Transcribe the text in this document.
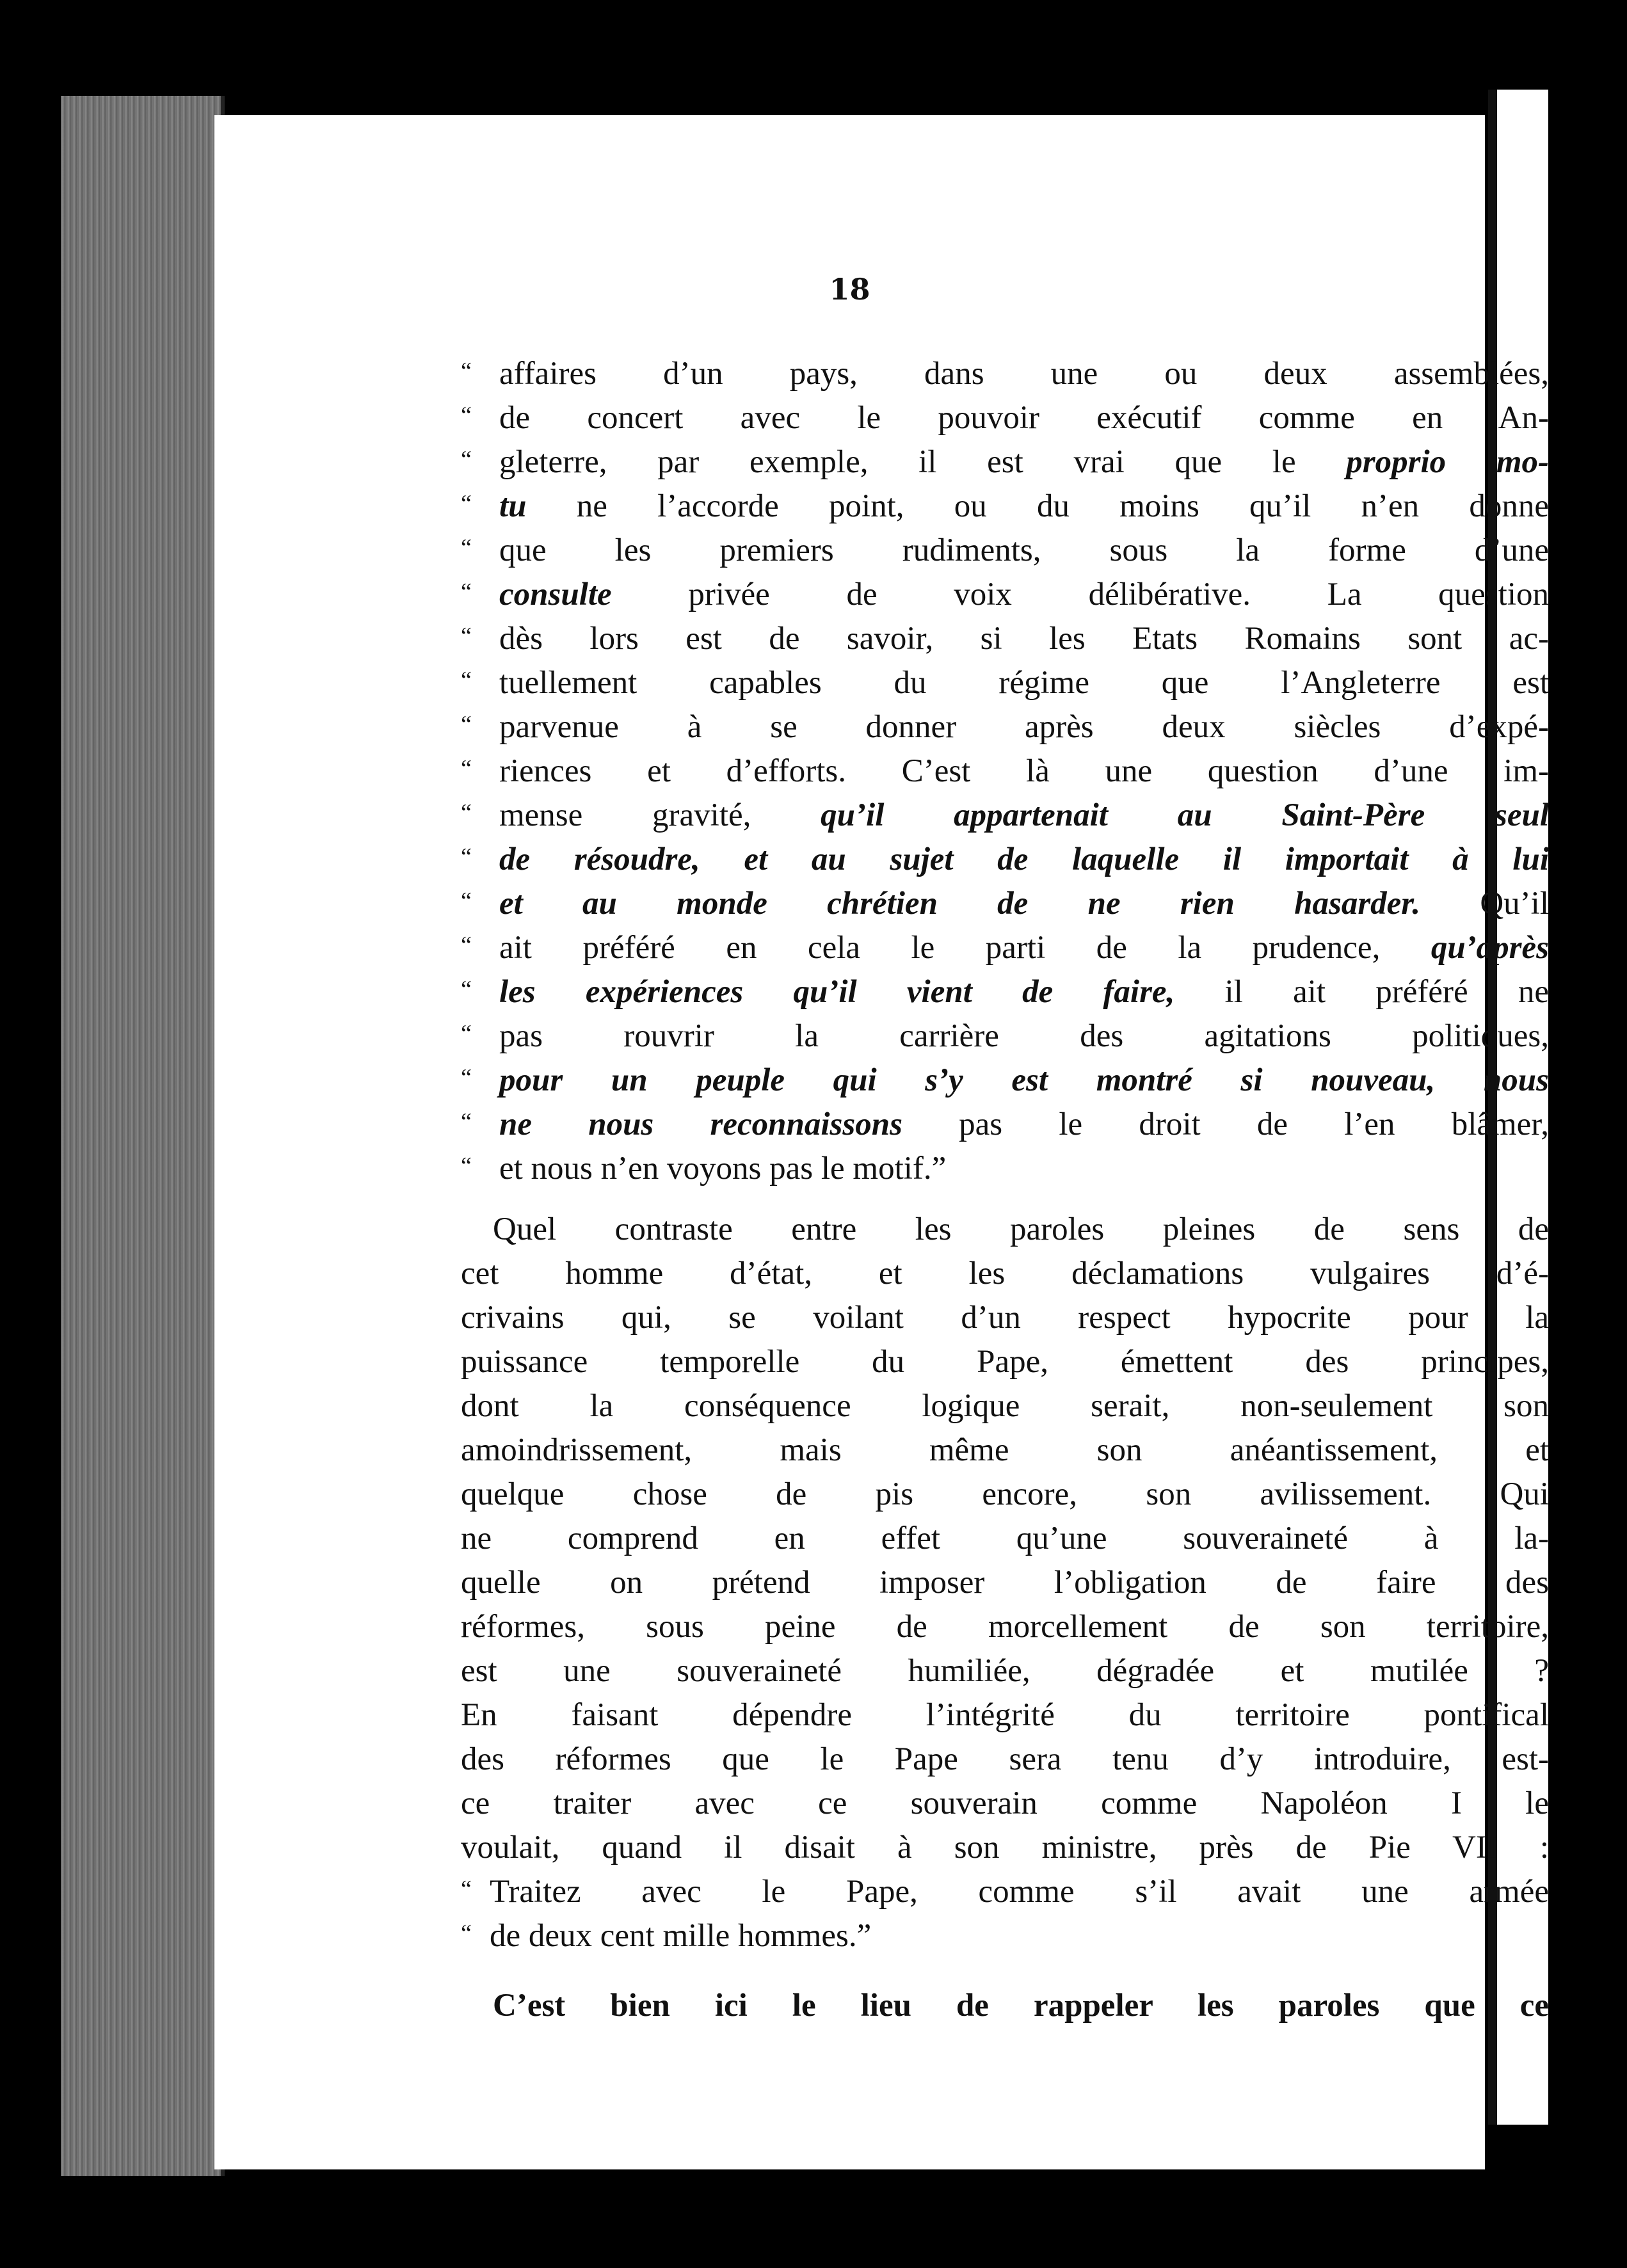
18
“ affaires d’un pays, dans une ou deux assemblées,
“ de concert avec le pouvoir exécutif comme en An-
“ gleterre, par exemple, il est vrai que le proprio mo-
“ tu ne l’accorde point, ou du moins qu’il n’en donne
“ que les premiers rudiments, sous la forme d’une
“ consulte privée de voix délibérative. La question
“ dès lors est de savoir, si les Etats Romains sont ac-
“ tuellement capables du régime que l’Angleterre est
“ parvenue à se donner après deux siècles d’expé-
“ riences et d’efforts. C’est là une question d’une im-
“ mense gravité, qu’il appartenait au Saint-Père seul
“ de résoudre, et au sujet de laquelle il importait à lui
“ et au monde chrétien de ne rien hasarder. Qu’il
“ ait préféré en cela le parti de la prudence, qu’après
“ les expériences qu’il vient de faire, il ait préféré ne
“ pas rouvrir la carrière des agitations politiques,
“ pour un peuple qui s’y est montré si nouveau, nous
“ ne nous reconnaissons pas le droit de l’en blâmer,
“ et nous n’en voyons pas le motif.”
Quel contraste entre les paroles pleines de sens de
cet homme d’état, et les déclamations vulgaires d’é-
crivains qui, se voilant d’un respect hypocrite pour la
puissance temporelle du Pape, émettent des principes,
dont la conséquence logique serait, non-seulement son
amoindrissement, mais même son anéantissement, et
quelque chose de pis encore, son avilissement. Qui
ne comprend en effet qu’une souveraineté à la-
quelle on prétend imposer l’obligation de faire des
réformes, sous peine de morcellement de son territoire,
est une souveraineté humiliée, dégradée et mutilée ?
En faisant dépendre l’intégrité du territoire pontifical
des réformes que le Pape sera tenu d’y introduire, est-
ce traiter avec ce souverain comme Napoléon I le
voulait, quand il disait à son ministre, près de Pie VII :
“ Traitez avec le Pape, comme s’il avait une armée
“ de deux cent mille hommes.”
C’est bien ici le lieu de rappeler les paroles que ce
